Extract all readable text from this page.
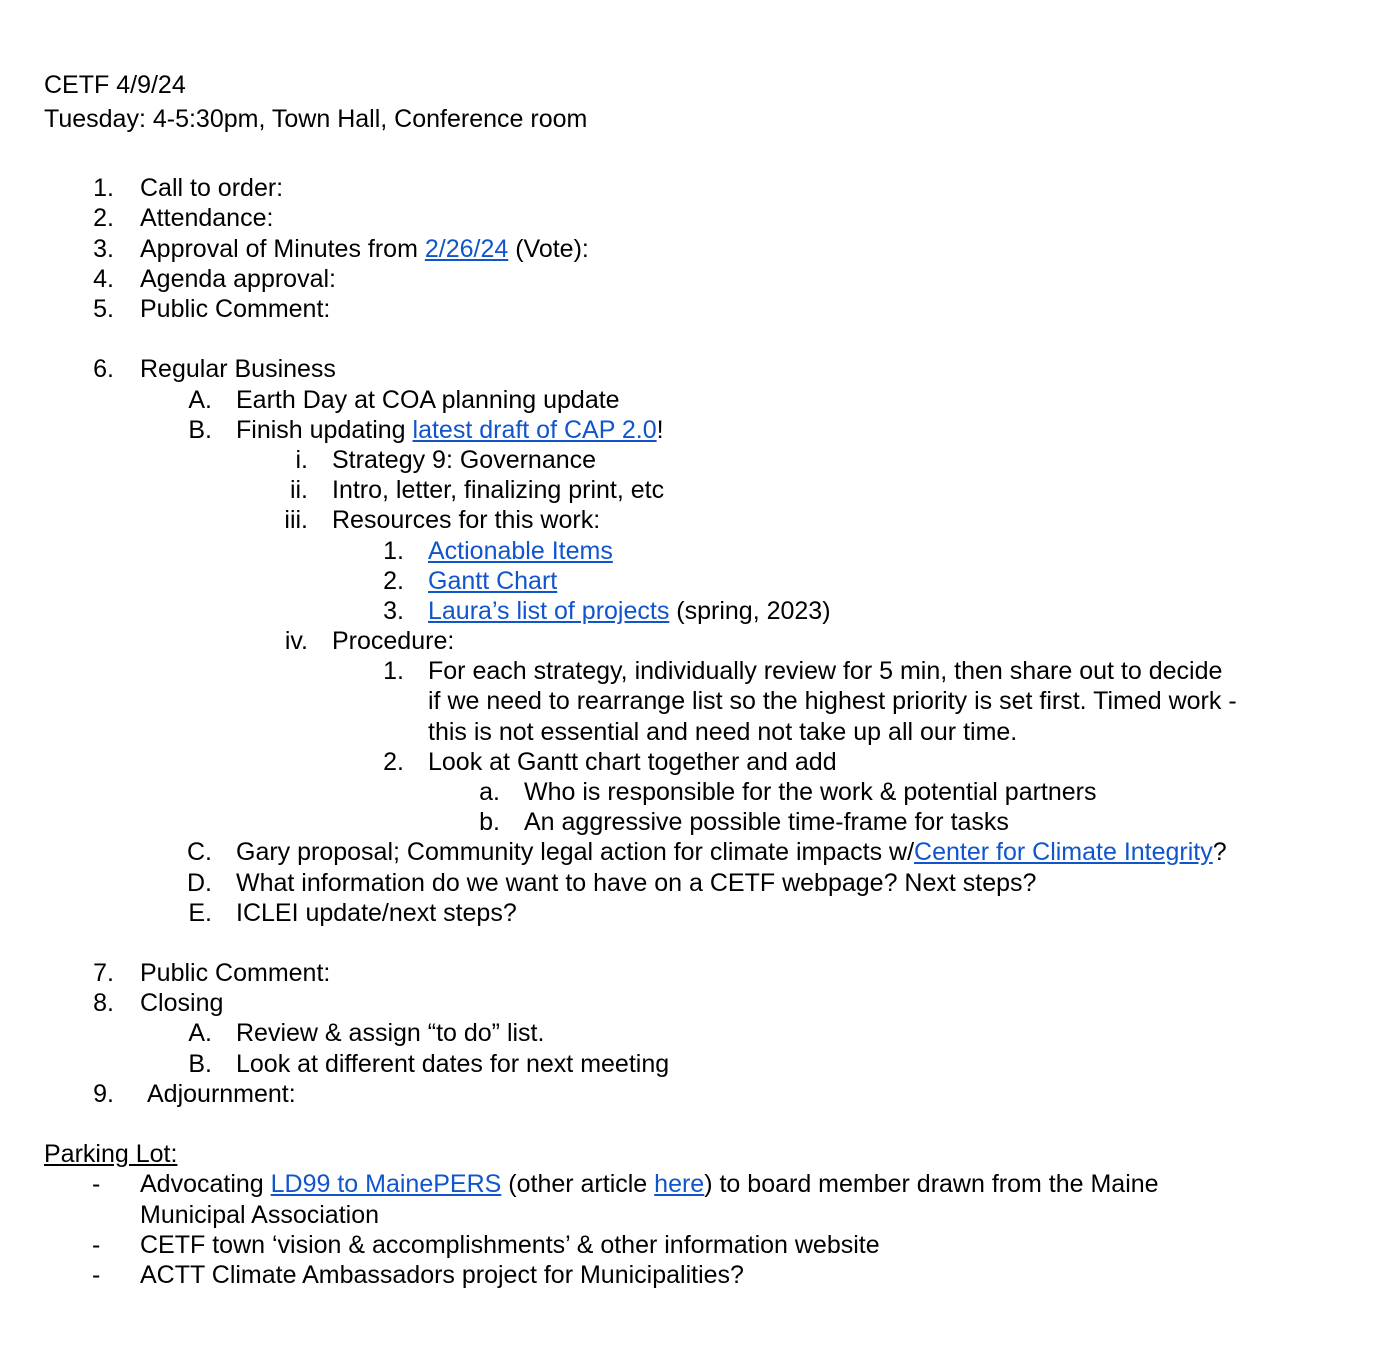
CETF 4/9/24
Tuesday: 4-5:30pm, Town Hall, Conference room
1. Call to order:
2. Attendance:
3. Approval of Minutes from 2/26/24 (Vote):
4. Agenda approval:
5. Public Comment:
6. Regular Business
A. Earth Day at COA planning update
B. Finish updating latest draft of CAP 2.0!
i. Strategy 9: Governance
ii. Intro, letter, finalizing print, etc
iii. Resources for this work:
1. Actionable Items
2. Gantt Chart
3. Laura’s list of projects (spring, 2023)
iv. Procedure:
1. For each strategy, individually review for 5 min, then share out to decide
if we need to rearrange list so the highest priority is set first. Timed work -
this is not essential and need not take up all our time.
2. Look at Gantt chart together and add
a. Who is responsible for the work & potential partners
b. An aggressive possible time-frame for tasks
C. Gary proposal; Community legal action for climate impacts w/Center for Climate Integrity?
D. What information do we want to have on a CETF webpage? Next steps?
E. ICLEI update/next steps?
7. Public Comment:
8. Closing
A. Review & assign “to do” list.
B. Look at different dates for next meeting
9. Adjournment:
Parking Lot:
- Advocating LD99 to MainePERS (other article here) to board member drawn from the Maine
Municipal Association
- CETF town ‘vision & accomplishments’ & other information website
- ACTT Climate Ambassadors project for Municipalities?
